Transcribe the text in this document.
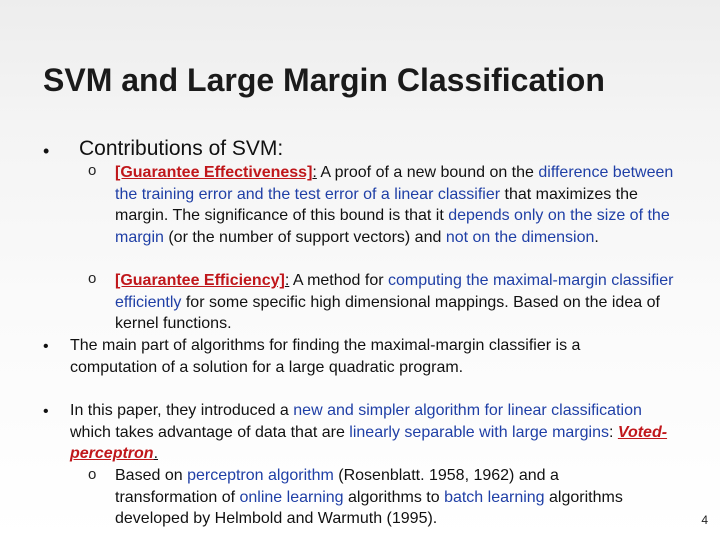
SVM and Large Margin Classification
• Contributions of SVM:
o [Guarantee Effectiveness]: A proof of a new bound on the difference between the training error and the test error of a linear classifier that maximizes the margin. The significance of this bound is that it depends only on the size of the margin (or the number of support vectors) and not on the dimension.
o [Guarantee Efficiency]: A method for computing the maximal-margin classifier efficiently for some specific high dimensional mappings. Based on the idea of kernel functions.
• The main part of algorithms for finding the maximal-margin classifier is a computation of a solution for a large quadratic program.
• In this paper, they introduced a new and simpler algorithm for linear classification which takes advantage of data that are linearly separable with large margins: Voted-perceptron.
o Based on perceptron algorithm (Rosenblatt. 1958, 1962) and a transformation of online learning algorithms to batch learning algorithms developed by Helmbold and Warmuth (1995).	4
